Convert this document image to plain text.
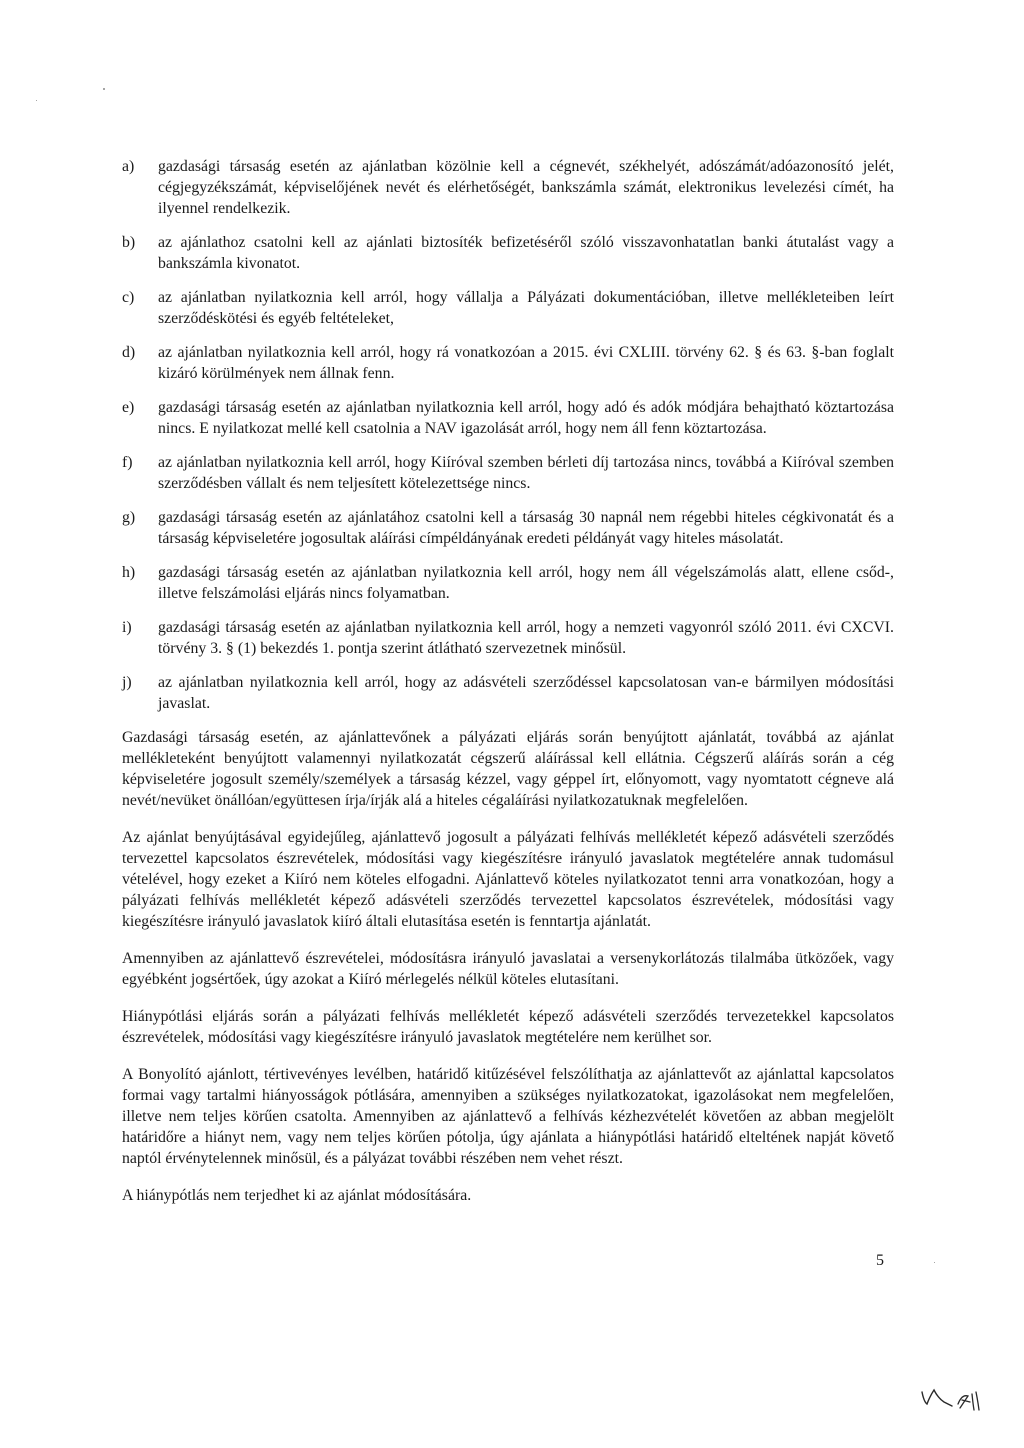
a)	gazdasági társaság esetén az ajánlatban közölnie kell a cégnevét, székhelyét, adószámát/adóazonosító jelét, cégjegyzékszámát, képviselőjének nevét és elérhetőségét, bankszámla számát, elektronikus levelezési címét, ha ilyennel rendelkezik.
b)	az ajánlathoz csatolni kell az ajánlati biztosíték befizetéséről szóló visszavonhatatlan banki átutalást vagy a bankszámla kivonatot.
c)	az ajánlatban nyilatkoznia kell arról, hogy vállalja a Pályázati dokumentációban, illetve mellékleteiben leírt szerződéskötési és egyéb feltételeket,
d)	az ajánlatban nyilatkoznia kell arról, hogy rá vonatkozóan a 2015. évi CXLIII. törvény 62. § és 63. §-ban foglalt kizáró körülmények nem állnak fenn.
e)	gazdasági társaság esetén az ajánlatban nyilatkoznia kell arról, hogy adó és adók módjára behajtható köztartozása nincs. E nyilatkozat mellé kell csatolnia a NAV igazolását arról, hogy nem áll fenn köztartozása.
f)	az ajánlatban nyilatkoznia kell arról, hogy Kiíróval szemben bérleti díj tartozása nincs, továbbá a Kiíróval szemben szerződésben vállalt és nem teljesített kötelezettsége nincs.
g)	gazdasági társaság esetén az ajánlatához csatolni kell a társaság 30 napnál nem régebbi hiteles cégkivonatát és a társaság képviseletére jogosultak aláírási címpéldányának eredeti példányát vagy hiteles másolatát.
h)	gazdasági társaság esetén az ajánlatban nyilatkoznia kell arról, hogy nem áll végelszámolás alatt, ellene csőd-, illetve felszámolási eljárás nincs folyamatban.
i)	gazdasági társaság esetén az ajánlatban nyilatkoznia kell arról, hogy a nemzeti vagyonról szóló 2011. évi CXCVI. törvény 3. § (1) bekezdés 1. pontja szerint átlátható szervezetnek minősül.
j)	az ajánlatban nyilatkoznia kell arról, hogy az adásvételi szerződéssel kapcsolatosan van-e bármilyen módosítási javaslat.

Gazdasági társaság esetén, az ajánlattevőnek a pályázati eljárás során benyújtott ajánlatát, továbbá az ajánlat mellékleteként benyújtott valamennyi nyilatkozatát cégszerű aláírással kell ellátnia. Cégszerű aláírás során a cég képviseletére jogosult személy/személyek a társaság kézzel, vagy géppel írt, előnyomott, vagy nyomtatott cégneve alá nevét/nevüket önállóan/együttesen írja/írják alá a hiteles cégaláírási nyilatkozatuknak megfelelően.

Az ajánlat benyújtásával egyidejűleg, ajánlattevő jogosult a pályázati felhívás mellékletét képező adásvételi szerződés tervezettel kapcsolatos észrevételek, módosítási vagy kiegészítésre irányuló javaslatok megtételére annak tudomásul vételével, hogy ezeket a Kiíró nem köteles elfogadni. Ajánlattevő köteles nyilatkozatot tenni arra vonatkozóan, hogy a pályázati felhívás mellékletét képező adásvételi szerződés tervezettel kapcsolatos észrevételek, módosítási vagy kiegészítésre irányuló javaslatok kiíró általi elutasítása esetén is fenntartja ajánlatát.

Amennyiben az ajánlattevő észrevételei, módosításra irányuló javaslatai a versenykorlátozás tilalmába ütközőek, vagy egyébként jogsértőek, úgy azokat a Kiíró mérlegelés nélkül köteles elutasítani.

Hiánypótlási eljárás során a pályázati felhívás mellékletét képező adásvételi szerződés tervezetekkel kapcsolatos észrevételek, módosítási vagy kiegészítésre irányuló javaslatok megtételére nem kerülhet sor.

A Bonyolító ajánlott, tértivevényes levélben, határidő kitűzésével felszólíthatja az ajánlattevőt az ajánlattal kapcsolatos formai vagy tartalmi hiányosságok pótlására, amennyiben a szükséges nyilatkozatokat, igazolásokat nem megfelelően, illetve nem teljes körűen csatolta. Amennyiben az ajánlattevő a felhívás kézhezvételét követően az abban megjelölt határidőre a hiányt nem, vagy nem teljes körűen pótolja, úgy ajánlata a hiánypótlási határidő elteltének napját követő naptól érvénytelennek minősül, és a pályázat további részében nem vehet részt.

A hiánypótlás nem terjedhet ki az ajánlat módosítására.

5
